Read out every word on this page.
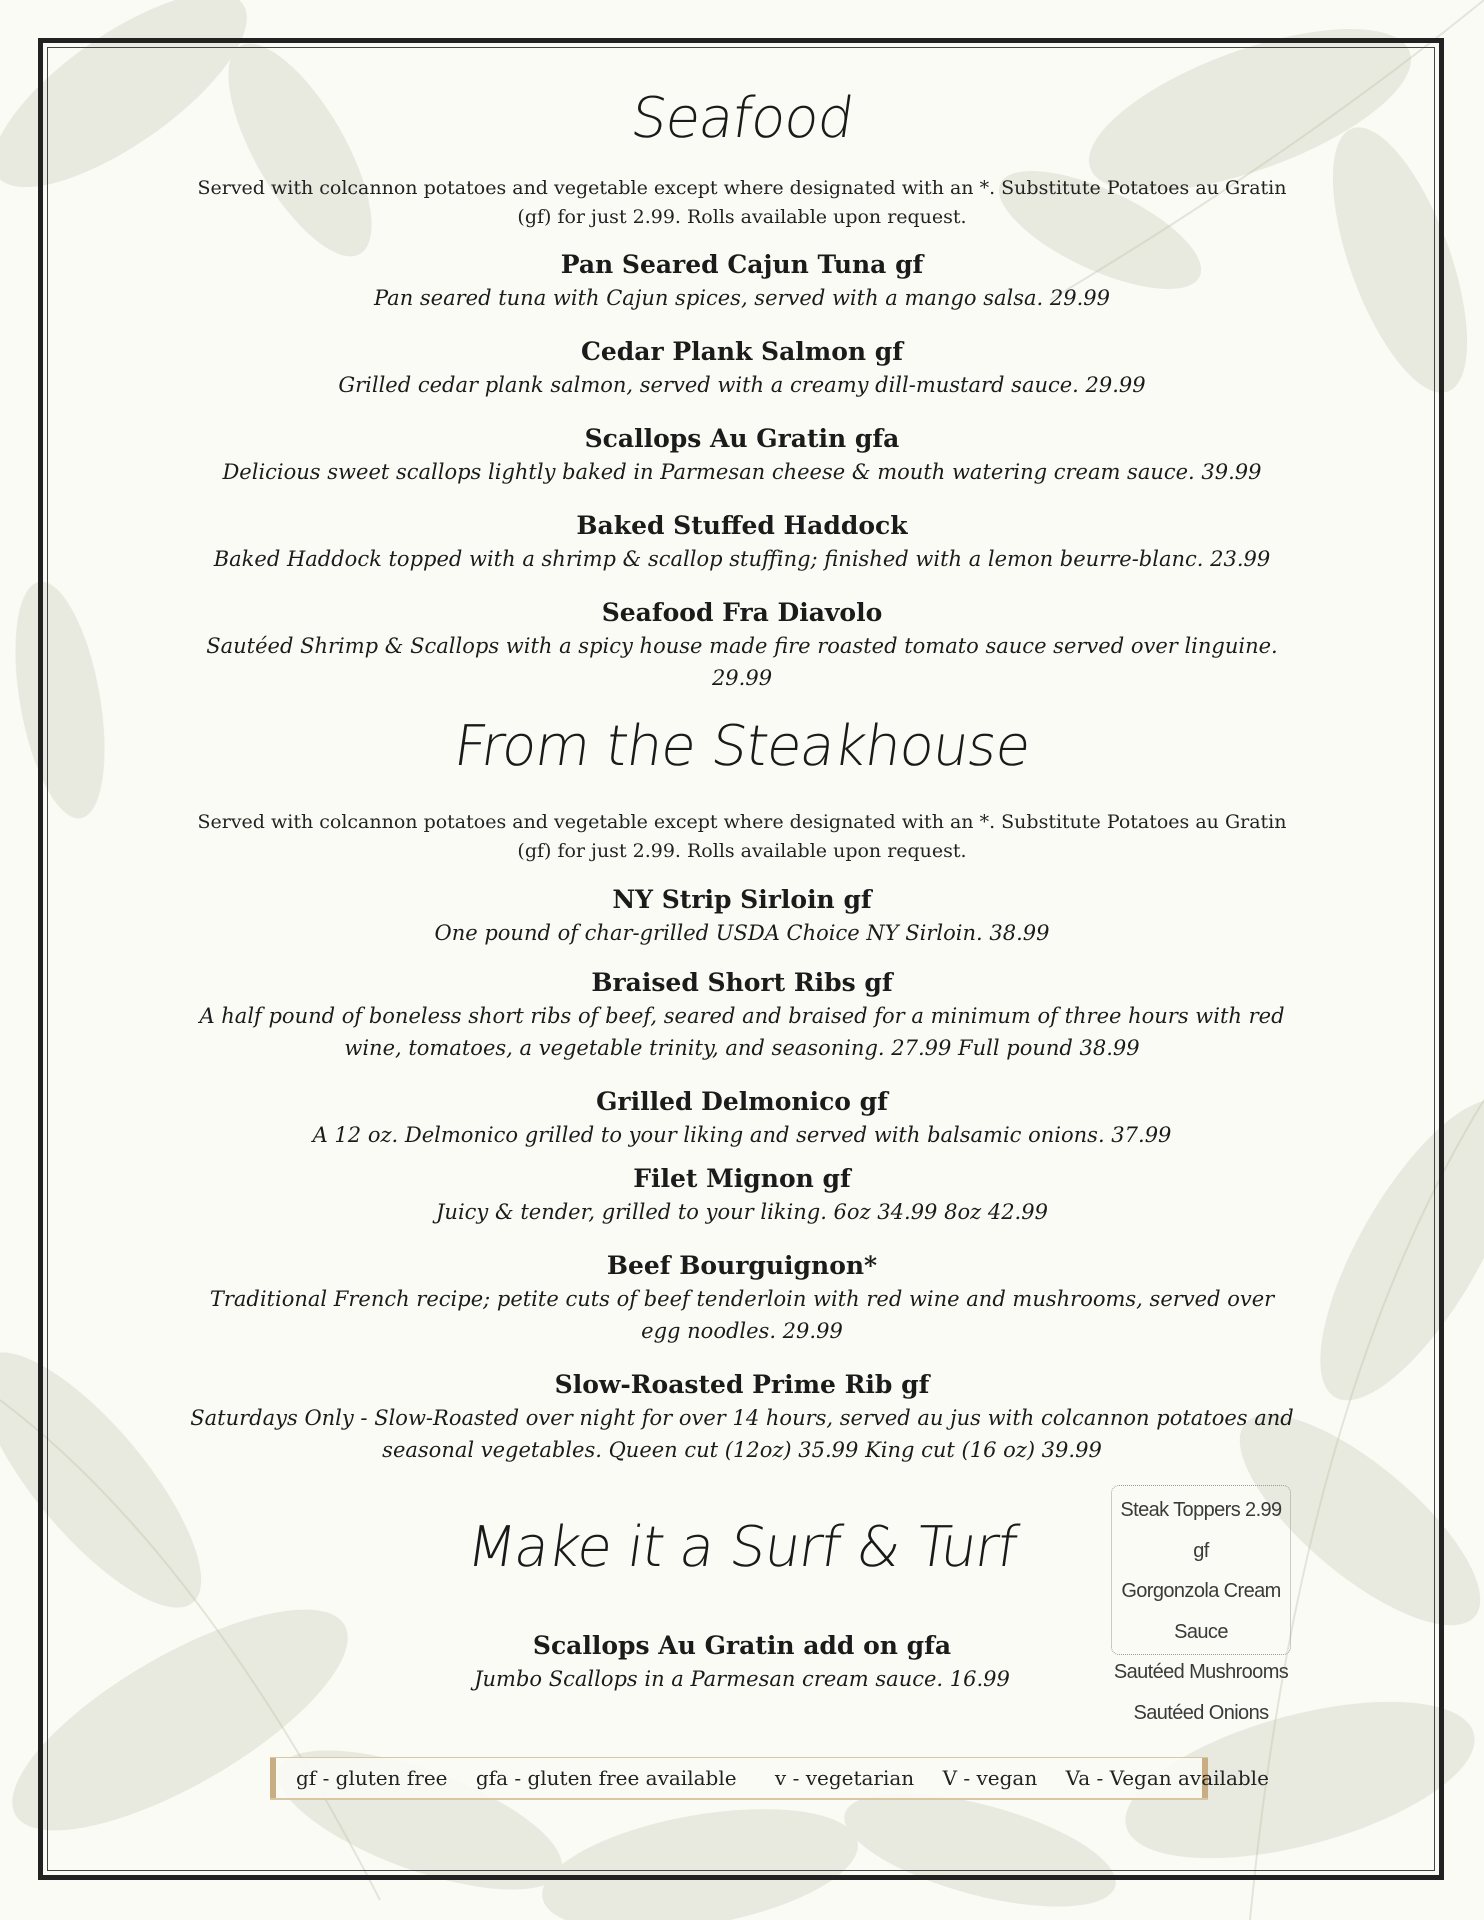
Seafood
Served with colcannon potatoes and vegetable except where designated with an *. Substitute Potatoes au Gratin (gf) for just 2.99. Rolls available upon request.
Pan Seared Cajun Tuna gf
Pan seared tuna with Cajun spices, served with a mango salsa. 29.99
Cedar Plank Salmon gf
Grilled cedar plank salmon, served with a creamy dill-mustard sauce. 29.99
Scallops Au Gratin gfa
Delicious sweet scallops lightly baked in Parmesan cheese & mouth watering cream sauce. 39.99
Baked Stuffed Haddock
Baked Haddock topped with a shrimp & scallop stuffing; finished with a lemon beurre-blanc. 23.99
Seafood Fra Diavolo
Sautéed Shrimp & Scallops with a spicy house made fire roasted tomato sauce served over linguine. 29.99
From the Steakhouse
Served with colcannon potatoes and vegetable except where designated with an *. Substitute Potatoes au Gratin (gf) for just 2.99. Rolls available upon request.
NY Strip Sirloin gf
One pound of char-grilled USDA Choice NY Sirloin. 38.99
Braised Short Ribs gf
A half pound of boneless short ribs of beef, seared and braised for a minimum of three hours with red wine, tomatoes, a vegetable trinity, and seasoning. 27.99 Full pound 38.99
Grilled Delmonico gf
A 12 oz. Delmonico grilled to your liking and served with balsamic onions. 37.99
Filet Mignon gf
Juicy & tender, grilled to your liking. 6oz 34.99 8oz 42.99
Beef Bourguignon*
Traditional French recipe; petite cuts of beef tenderloin with red wine and mushrooms, served over egg noodles. 29.99
Slow-Roasted Prime Rib gf
Saturdays Only - Slow-Roasted over night for over 14 hours, served au jus with colcannon potatoes and seasonal vegetables. Queen cut (12oz) 35.99 King cut (16 oz) 39.99
Make it a Surf & Turf
Scallops Au Gratin add on gfa
Jumbo Scallops in a Parmesan cream sauce. 16.99
Steak Toppers 2.99 gf
Gorgonzola Cream Sauce
Sautéed Mushrooms
Sautéed Onions
gf - gluten free gfa - gluten free available v - vegetarian V - vegan Va - Vegan available
